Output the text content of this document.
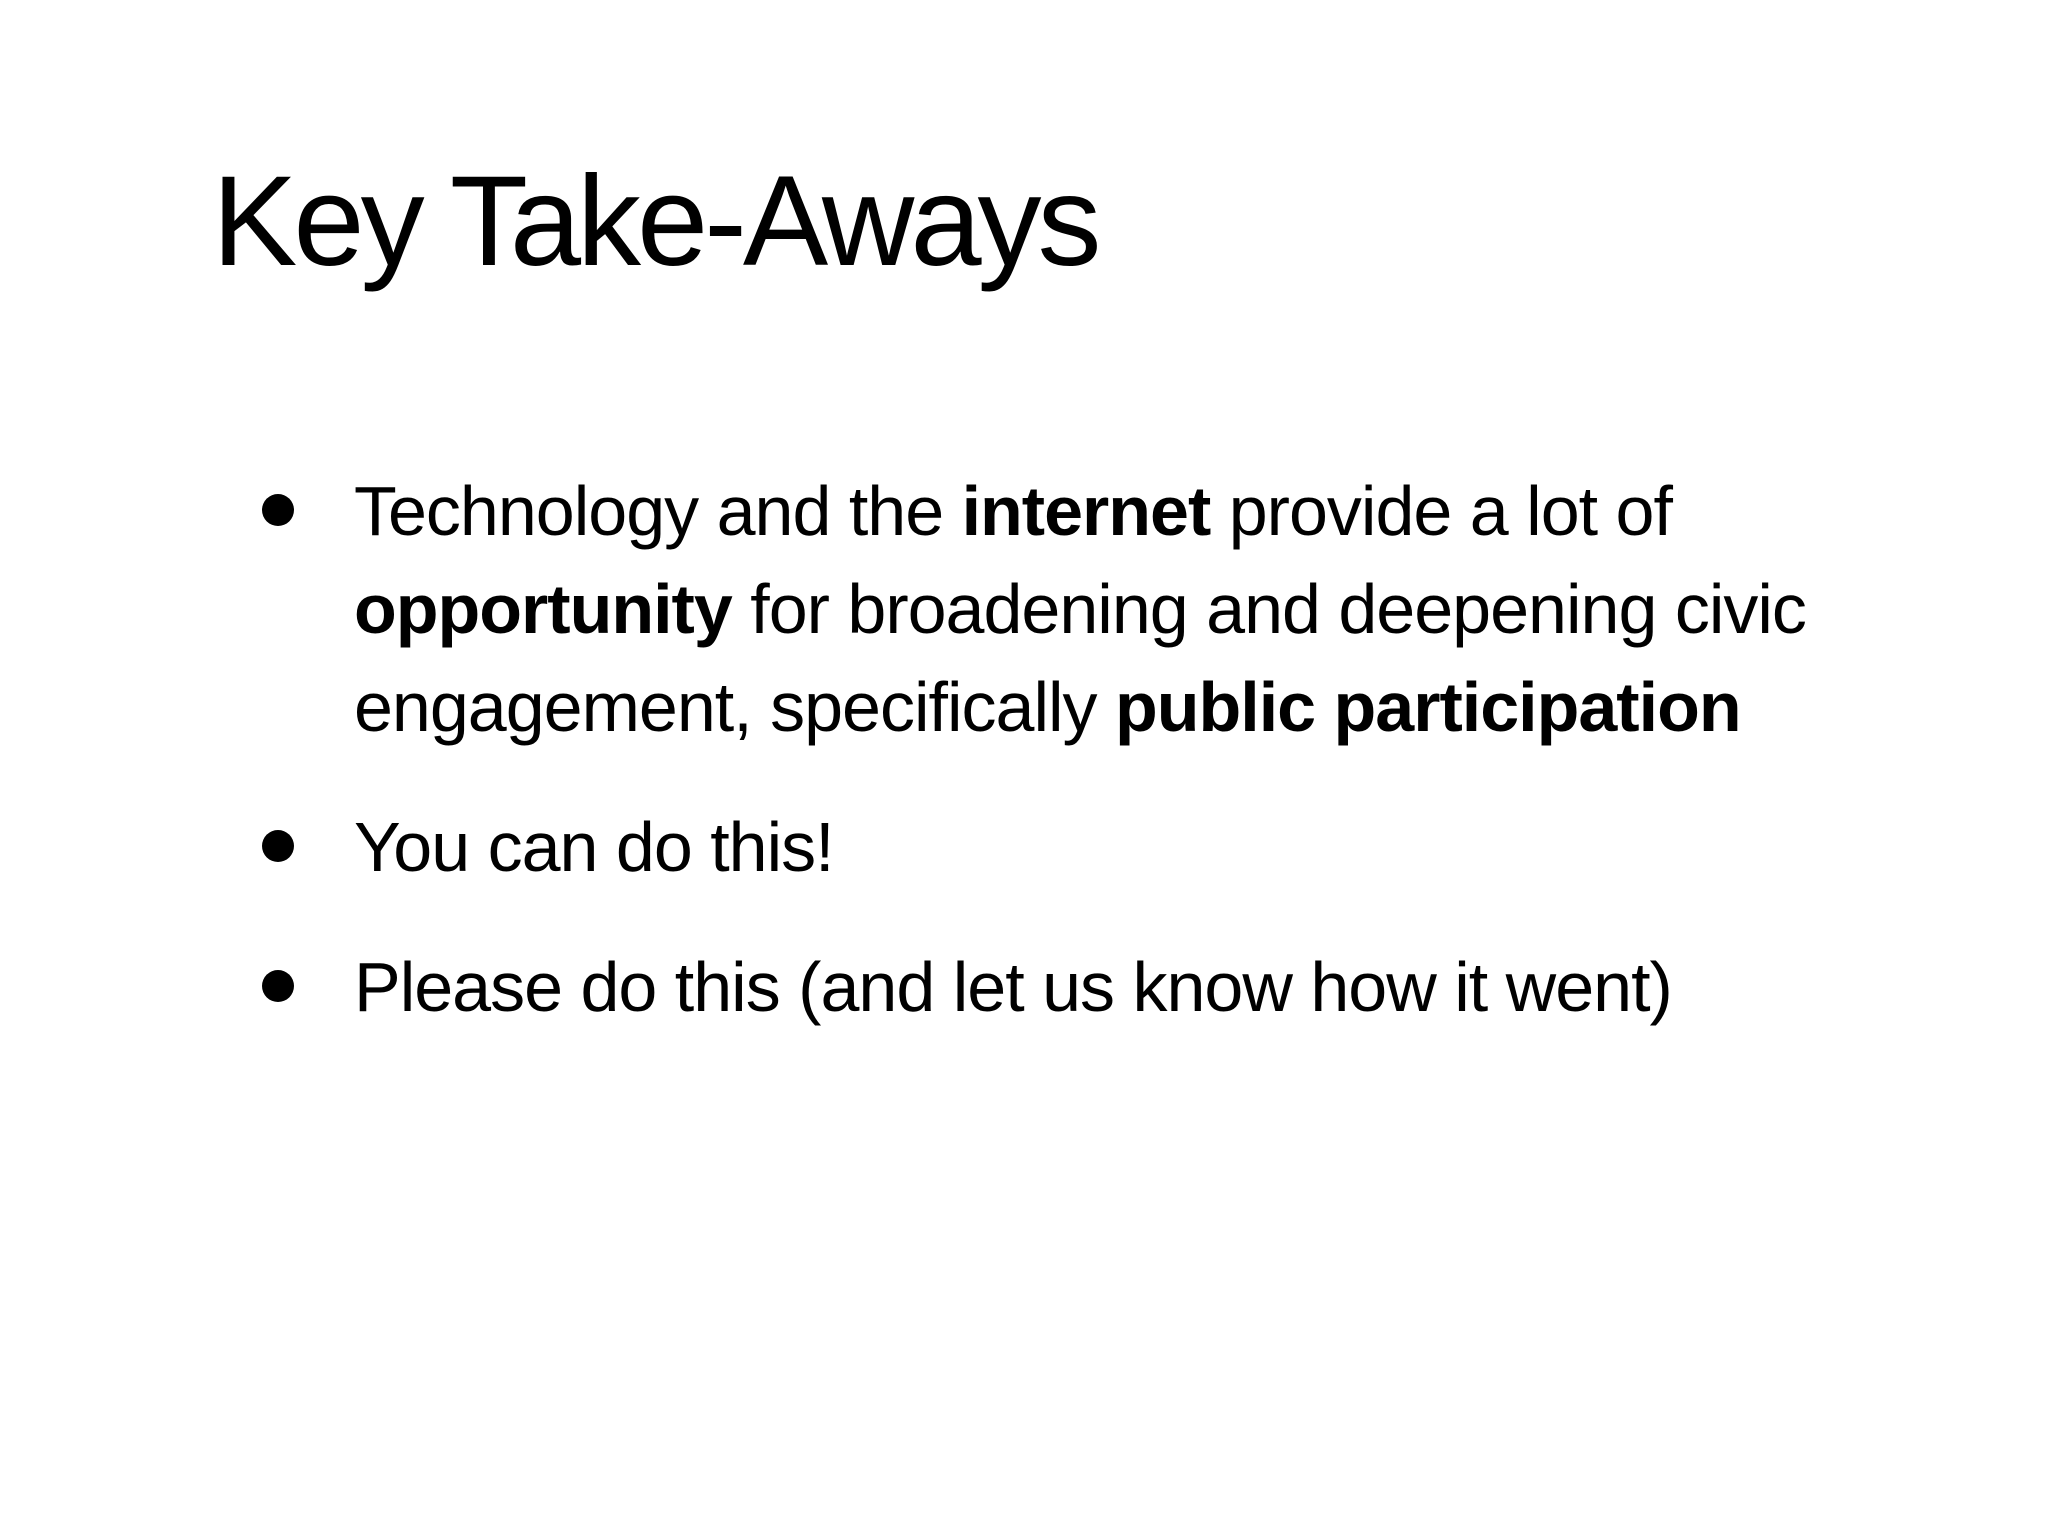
Key Take-Aways
Technology and the internet provide a lot of opportunity for broadening and deepening civic engagement, specifically public participation
You can do this!
Please do this (and let us know how it went)
